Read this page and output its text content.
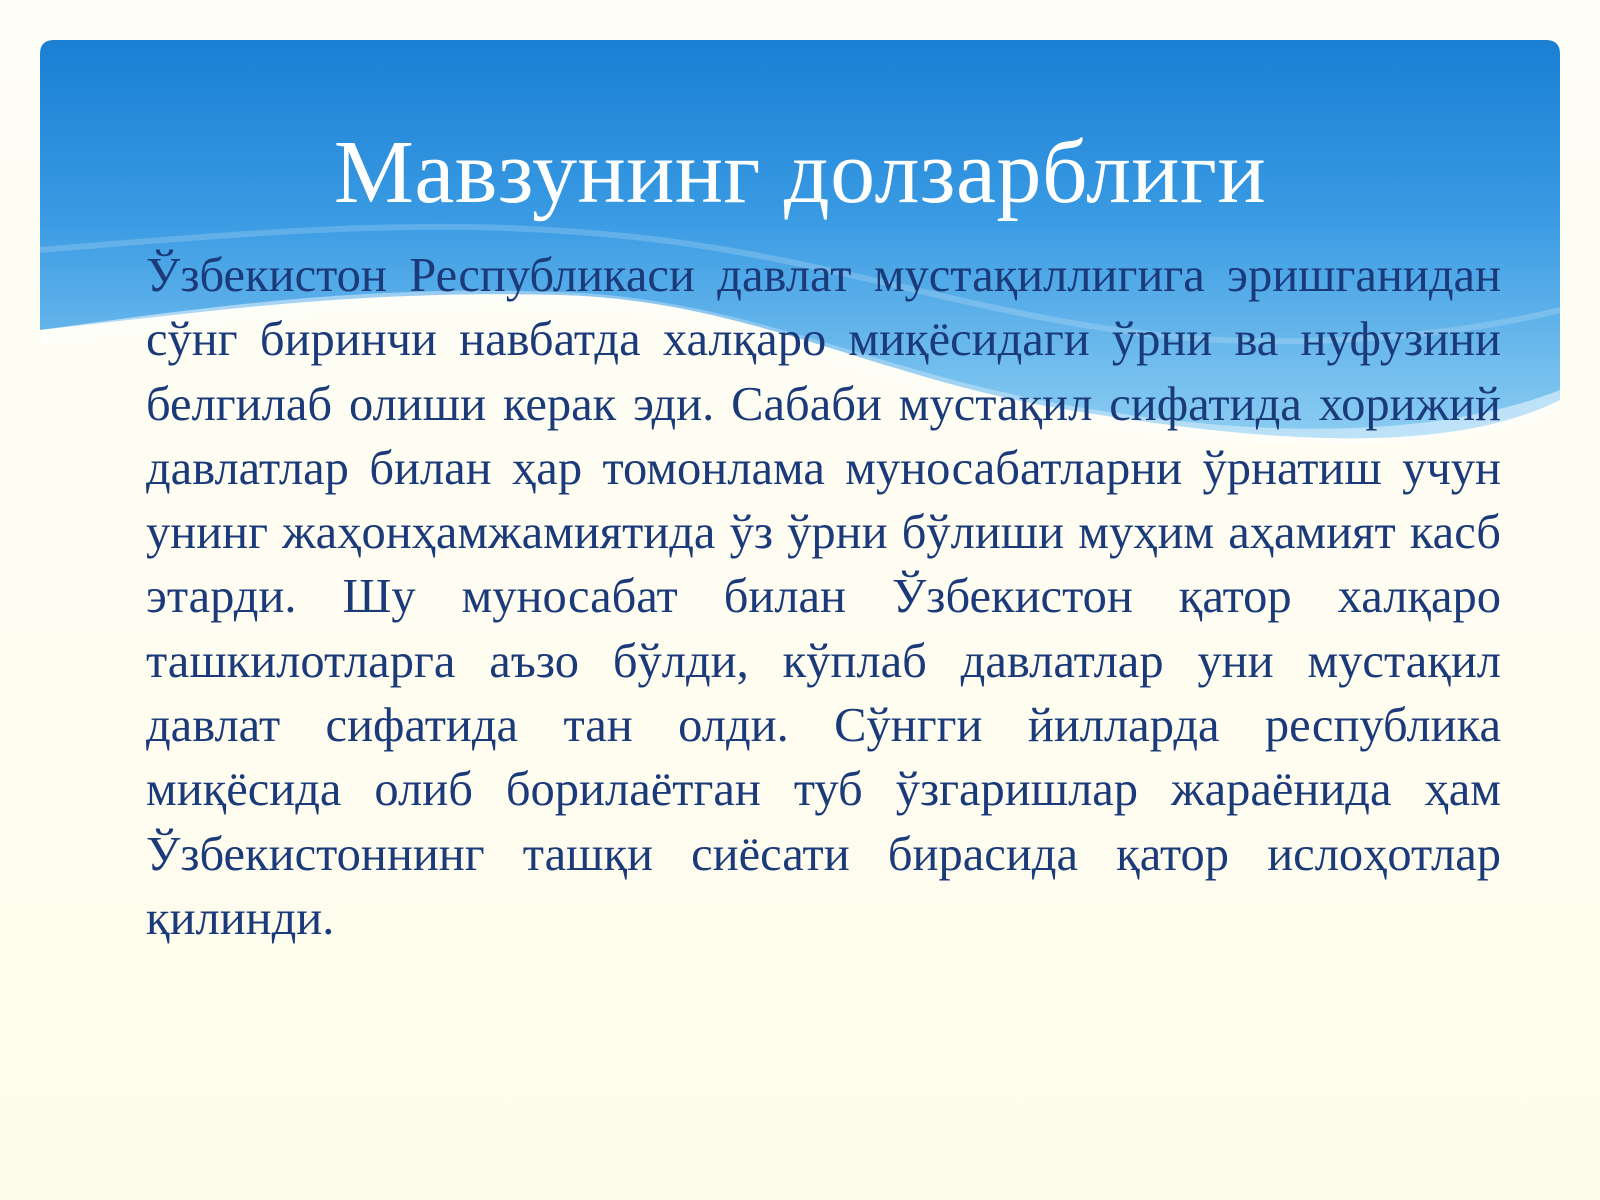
Мавзунинг долзарблиги

Ўзбекистон Республикаси давлат мустақиллигига эришганидан сўнг биринчи навбатда халқаро миқёсидаги ўрни ва нуфузини белгилаб олиши керак эди. Сабаби мустақил сифатида хорижий давлатлар билан ҳар томонлама муносабатларни ўрнатиш учун унинг жаҳонҳамжамиятида ўз ўрни бўлиши муҳим аҳамият касб этарди. Шу муносабат билан Ўзбекистон қатор халқаро ташкилотларга аъзо бўлди, кўплаб давлатлар уни мустақил давлат сифатида тан олди. Сўнгги йилларда республика миқёсида олиб борилаётган туб ўзгаришлар жараёнида ҳам Ўзбекистоннинг ташқи сиёсати бирасида қатор ислоҳотлар қилинди.
